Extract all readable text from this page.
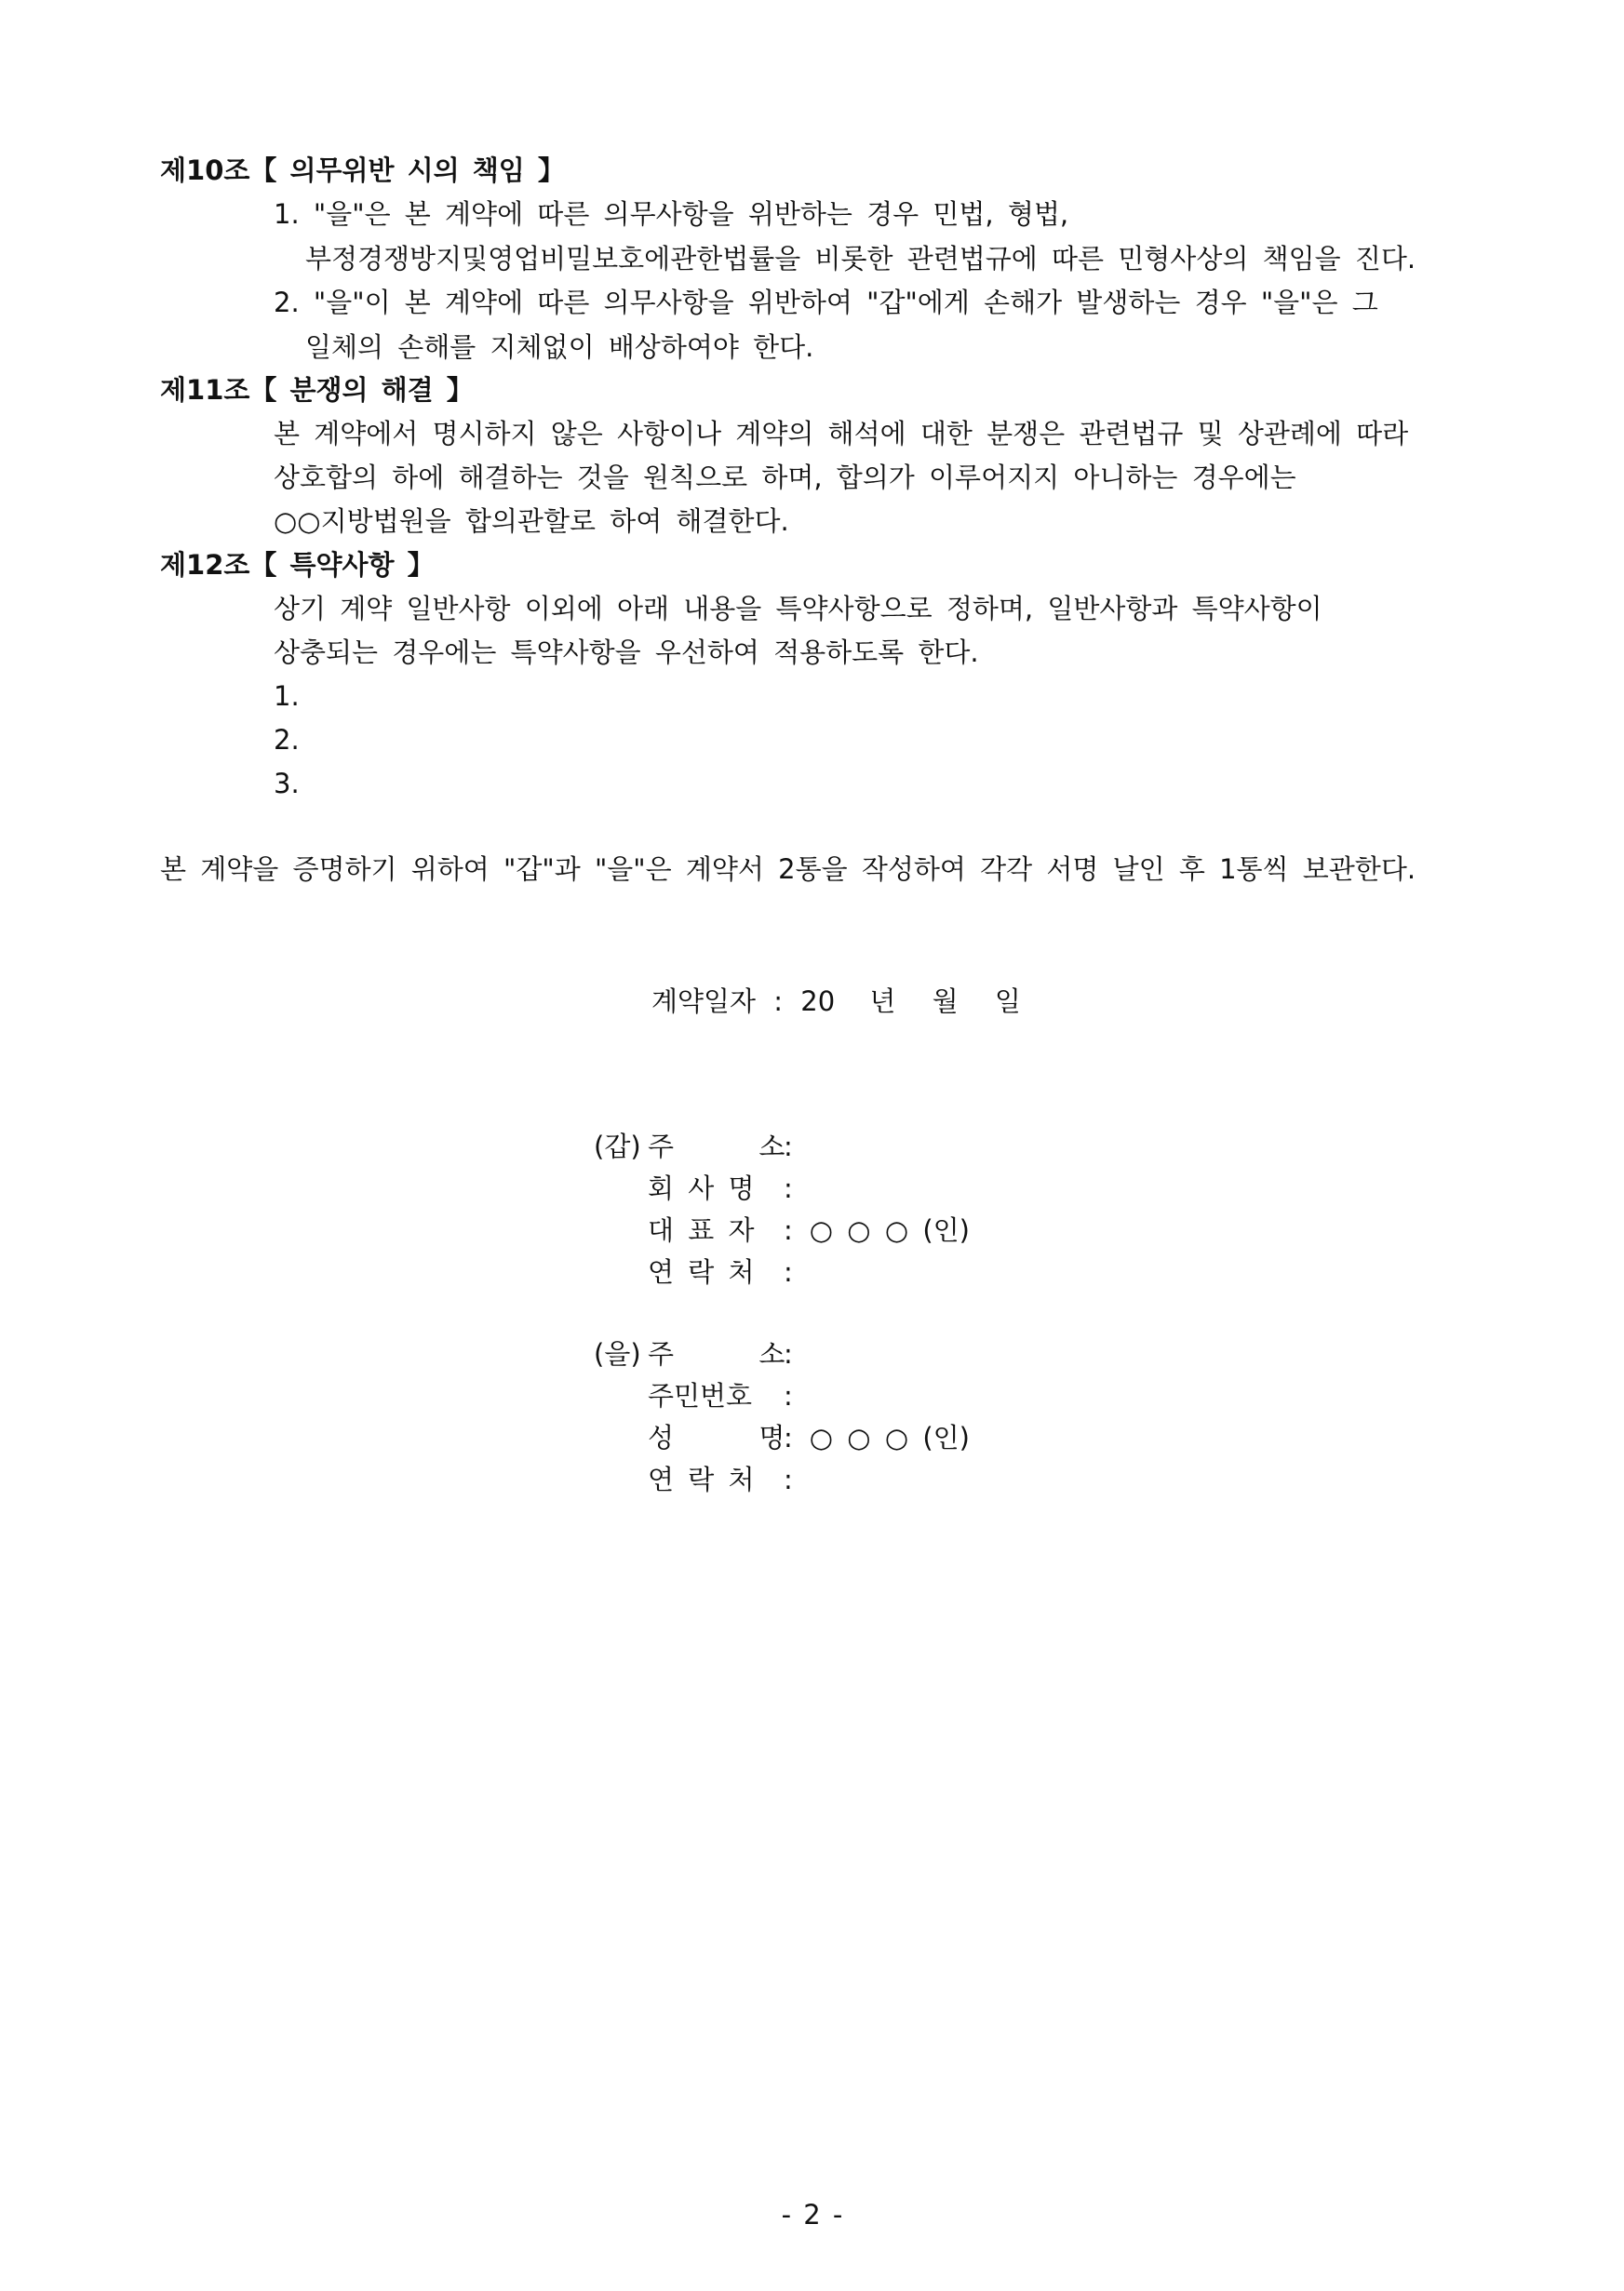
제10조【 의무위반 시의 책임 】
1. "을"은 본 계약에 따른 의무사항을 위반하는 경우 민법, 형법,
부정경쟁방지및영업비밀보호에관한법률을 비롯한 관련법규에 따른 민형사상의 책임을 진다.
2. "을"이 본 계약에 따른 의무사항을 위반하여 "갑"에게 손해가 발생하는 경우 "을"은 그
일체의 손해를 지체없이 배상하여야 한다.
제11조【 분쟁의 해결 】
본 계약에서 명시하지 않은 사항이나 계약의 해석에 대한 분쟁은 관련법규 및 상관례에 따라
상호합의 하에 해결하는 것을 원칙으로 하며, 합의가 이루어지지 아니하는 경우에는
○○지방법원을 합의관할로 하여 해결한다.
제12조【 특약사항 】
상기 계약 일반사항 이외에 아래 내용을 특약사항으로 정하며, 일반사항과 특약사항이
상충되는 경우에는 특약사항을 우선하여 적용하도록 한다.
1.
2.
3.
본 계약을 증명하기 위하여 "갑"과 "을"은 계약서 2통을 작성하여 각각 서명 날인 후 1통씩 보관한다.
계약일자 : 20 년 월 일
(갑) 주      소:
회 사 명 :
대 표 자 : ○ ○ ○ (인)
연 락 처 :
(을) 주      소:
주민번호 :
성      명: ○ ○ ○ (인)
연 락 처 :
- 2 -
